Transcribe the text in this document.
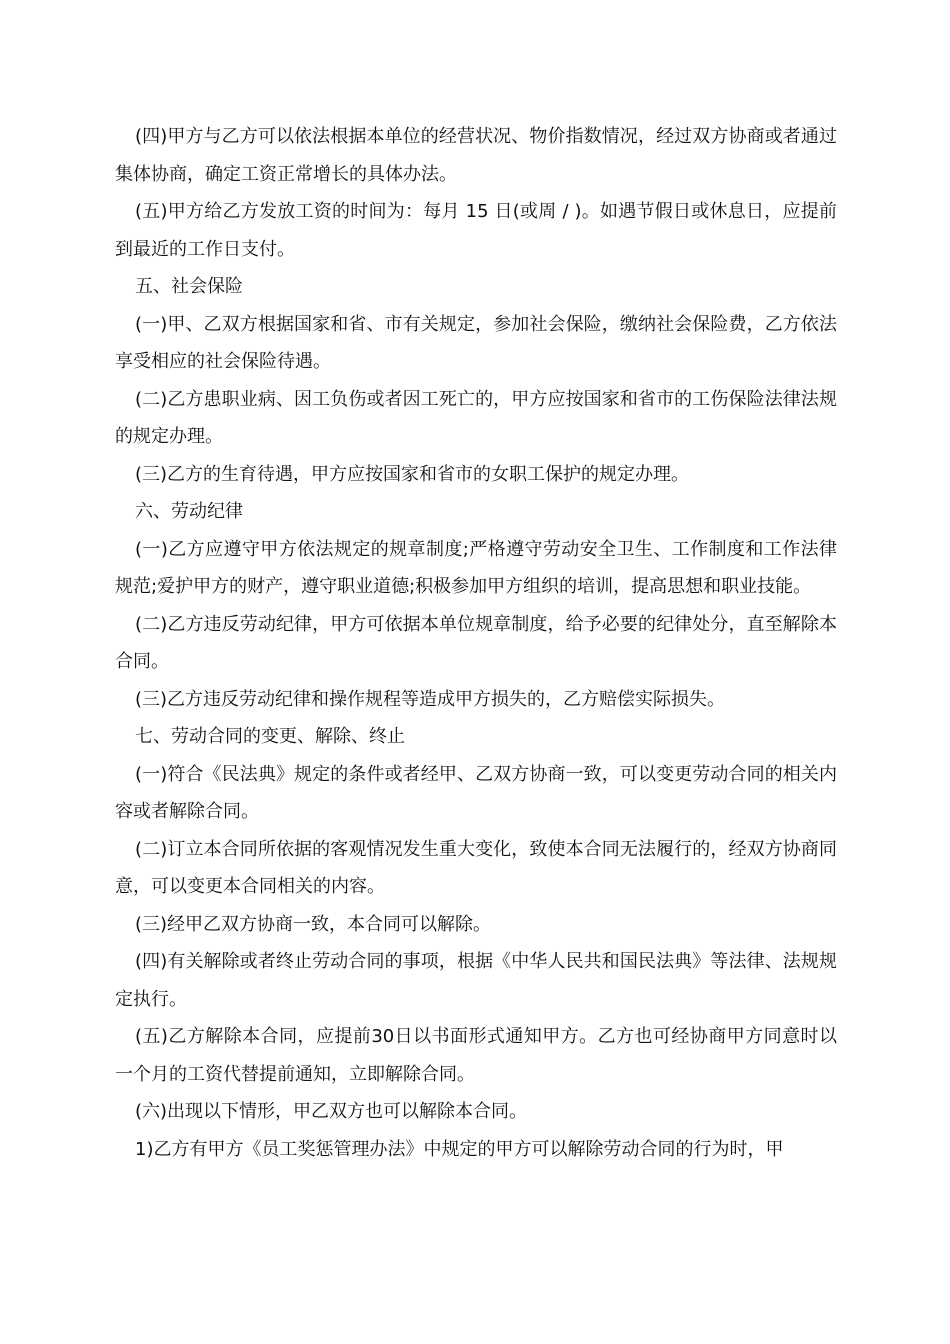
(四)甲方与乙方可以依法根据本单位的经营状况、物价指数情况，经过双方协商或者通过集体协商，确定工资正常增长的具体办法。

(五)甲方给乙方发放工资的时间为：每月 15 日(或周 / )。如遇节假日或休息日，应提前到最近的工作日支付。

五、社会保险

(一)甲、乙双方根据国家和省、市有关规定，参加社会保险，缴纳社会保险费，乙方依法享受相应的社会保险待遇。

(二)乙方患职业病、因工负伤或者因工死亡的，甲方应按国家和省市的工伤保险法律法规的规定办理。

(三)乙方的生育待遇，甲方应按国家和省市的女职工保护的规定办理。

六、劳动纪律

(一)乙方应遵守甲方依法规定的规章制度;严格遵守劳动安全卫生、工作制度和工作法律规范;爱护甲方的财产，遵守职业道德;积极参加甲方组织的培训，提高思想和职业技能。

(二)乙方违反劳动纪律，甲方可依据本单位规章制度，给予必要的纪律处分，直至解除本合同。

(三)乙方违反劳动纪律和操作规程等造成甲方损失的，乙方赔偿实际损失。

七、劳动合同的变更、解除、终止

(一)符合《民法典》规定的条件或者经甲、乙双方协商一致，可以变更劳动合同的相关内容或者解除合同。

(二)订立本合同所依据的客观情况发生重大变化，致使本合同无法履行的，经双方协商同意，可以变更本合同相关的内容。

(三)经甲乙双方协商一致，本合同可以解除。

(四)有关解除或者终止劳动合同的事项，根据《中华人民共和国民法典》等法律、法规规定执行。

(五)乙方解除本合同，应提前30日以书面形式通知甲方。乙方也可经协商甲方同意时以一个月的工资代替提前通知，立即解除合同。

(六)出现以下情形，甲乙双方也可以解除本合同。

1)乙方有甲方《员工奖惩管理办法》中规定的甲方可以解除劳动合同的行为时，甲
